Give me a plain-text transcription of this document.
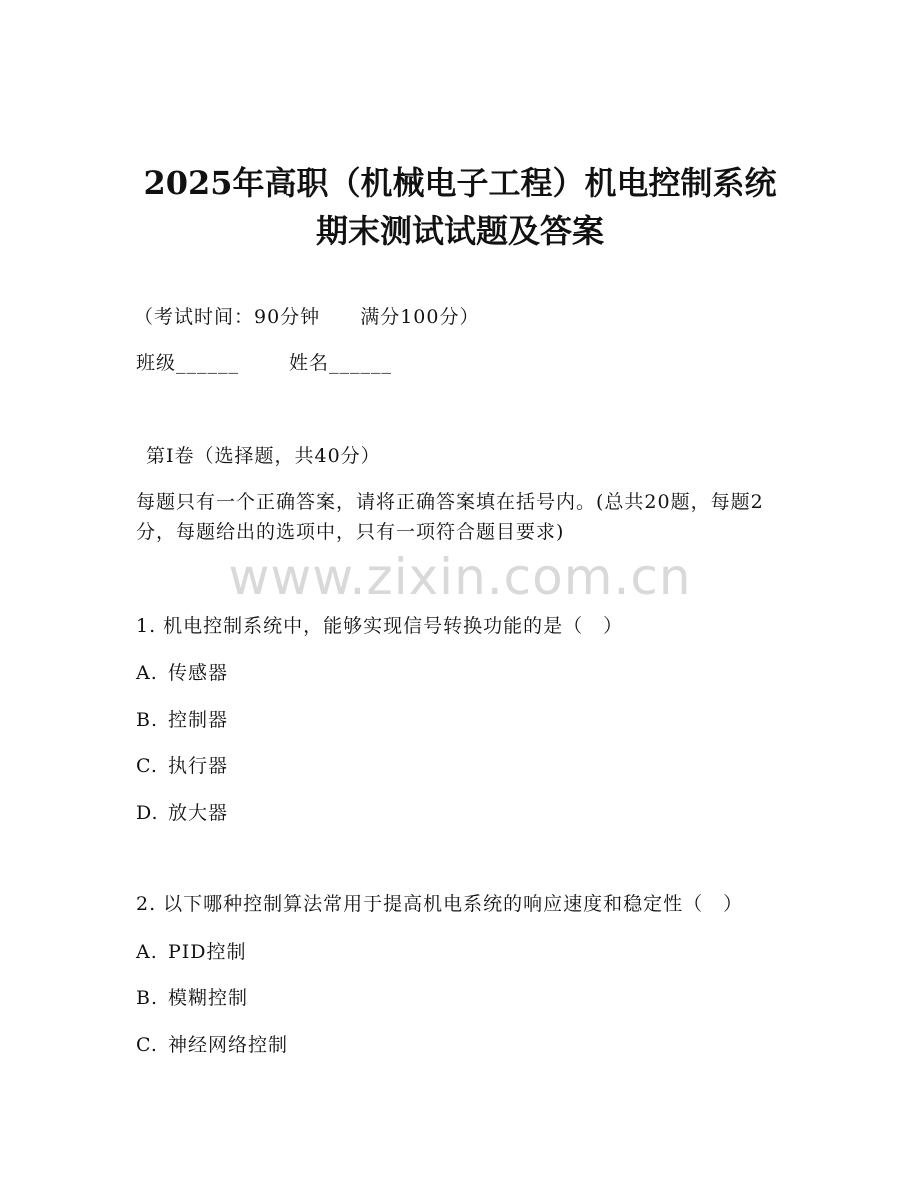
2025年高职（机械电子工程）机电控制系统
期末测试试题及答案
（考试时间：90分钟 满分100分）
班级______	姓名______
第Ⅰ卷（选择题，共40分）
每题只有一个正确答案，请将正确答案填在括号内。(总共20题，每题2分，每题给出的选项中，只有一项符合题目要求)
www.zixin.com.cn
1. 机电控制系统中，能够实现信号转换功能的是（　）
A. 传感器
B. 控制器
C. 执行器
D. 放大器
2. 以下哪种控制算法常用于提高机电系统的响应速度和稳定性（　）
A. PID控制
B. 模糊控制
C. 神经网络控制
